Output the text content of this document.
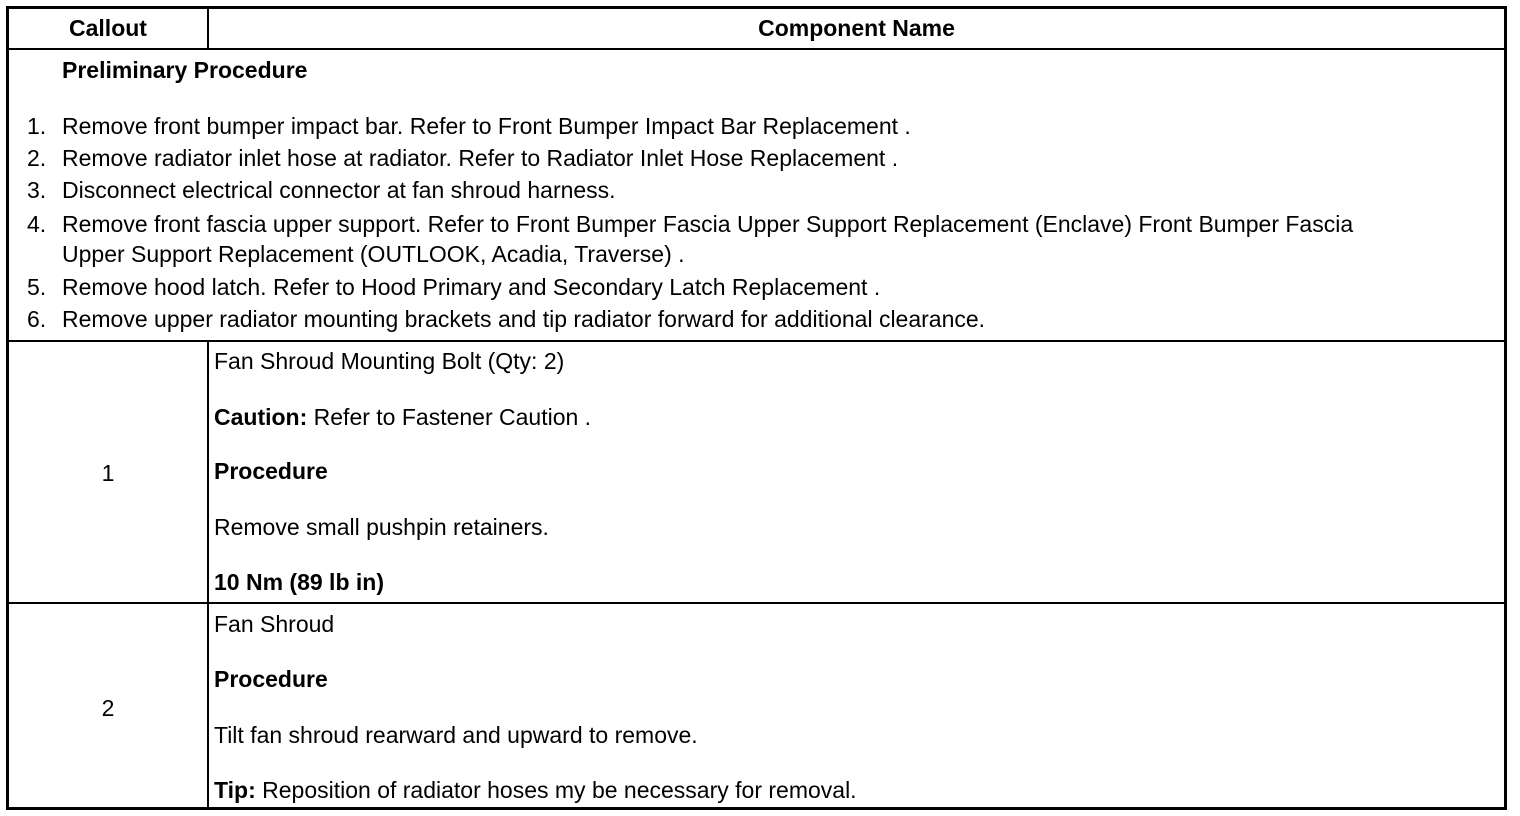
Callout	Component Name
Preliminary Procedure
1. Remove front bumper impact bar. Refer to Front Bumper Impact Bar Replacement .
2. Remove radiator inlet hose at radiator. Refer to Radiator Inlet Hose Replacement .
3. Disconnect electrical connector at fan shroud harness.
4. Remove front fascia upper support. Refer to Front Bumper Fascia Upper Support Replacement (Enclave) Front Bumper Fascia
Upper Support Replacement (OUTLOOK, Acadia, Traverse) .
5. Remove hood latch. Refer to Hood Primary and Secondary Latch Replacement .
6. Remove upper radiator mounting brackets and tip radiator forward for additional clearance.
1
Fan Shroud Mounting Bolt (Qty: 2)
Caution: Refer to Fastener Caution .
Procedure
Remove small pushpin retainers.
10 Nm (89 lb in)
2
Fan Shroud
Procedure
Tilt fan shroud rearward and upward to remove.
Tip: Reposition of radiator hoses my be necessary for removal.
